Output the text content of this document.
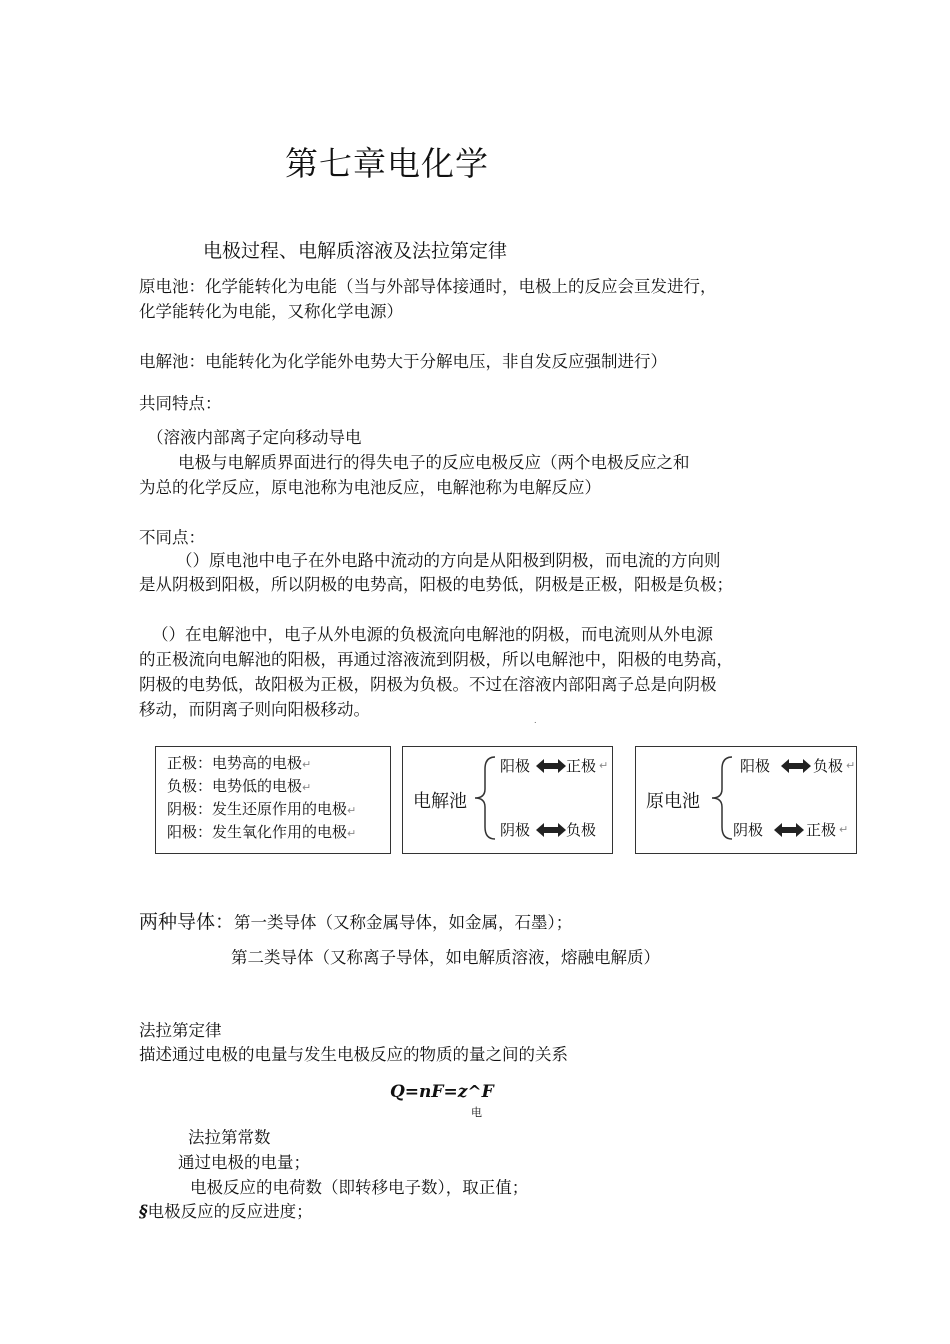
第七章电化学
电极过程、电解质溶液及法拉第定律
原电池：化学能转化为电能（当与外部导体接通时，电极上的反应会亘发进行，
化学能转化为电能，又称化学电源）
电解池：电能转化为化学能外电势大于分解电压，非自发反应强制进行）
共同特点：
（溶液内部离子定向移动导电
电极与电解质界面进行的得失电子的反应电极反应（两个电极反应之和
为总的化学反应，原电池称为电池反应，电解池称为电解反应）
不同点：
（）原电池中电子在外电路中流动的方向是从阳极到阴极，而电流的方向则
是从阴极到阳极，所以阴极的电势高，阳极的电势低，阴极是正极，阳极是负极；
（）在电解池中，电子从外电源的负极流向电解池的阴极，而电流则从外电源
的正极流向电解池的阳极，再通过溶液流到阴极，所以电解池中，阳极的电势高，
阴极的电势低，故阳极为正极，阴极为负极。不过在溶液内部阳离子总是向阴极
移动，而阴离子则向阳极移动。
˙
正极：电势高的电极↵
负极：电势低的电极↵
阴极：发生还原作用的电极↵
阳极：发生氧化作用的电极↵
电解池
阳极 正极 ↵
阴极 负极
原电池
阳极	负极 ↵
阴极	正极 ↵
两种导体：第一类导体（又称金属导体，如金属，石墨）；
第二类导体（又称离子导体，如电解质溶液，熔融电解质）
法拉第定律
描述通过电极的电量与发生电极反应的物质的量之间的关系
Q=nF=z^F
电
法拉第常数
通过电极的电量；
电极反应的电荷数（即转移电子数），取正值；
§电极反应的反应进度；
